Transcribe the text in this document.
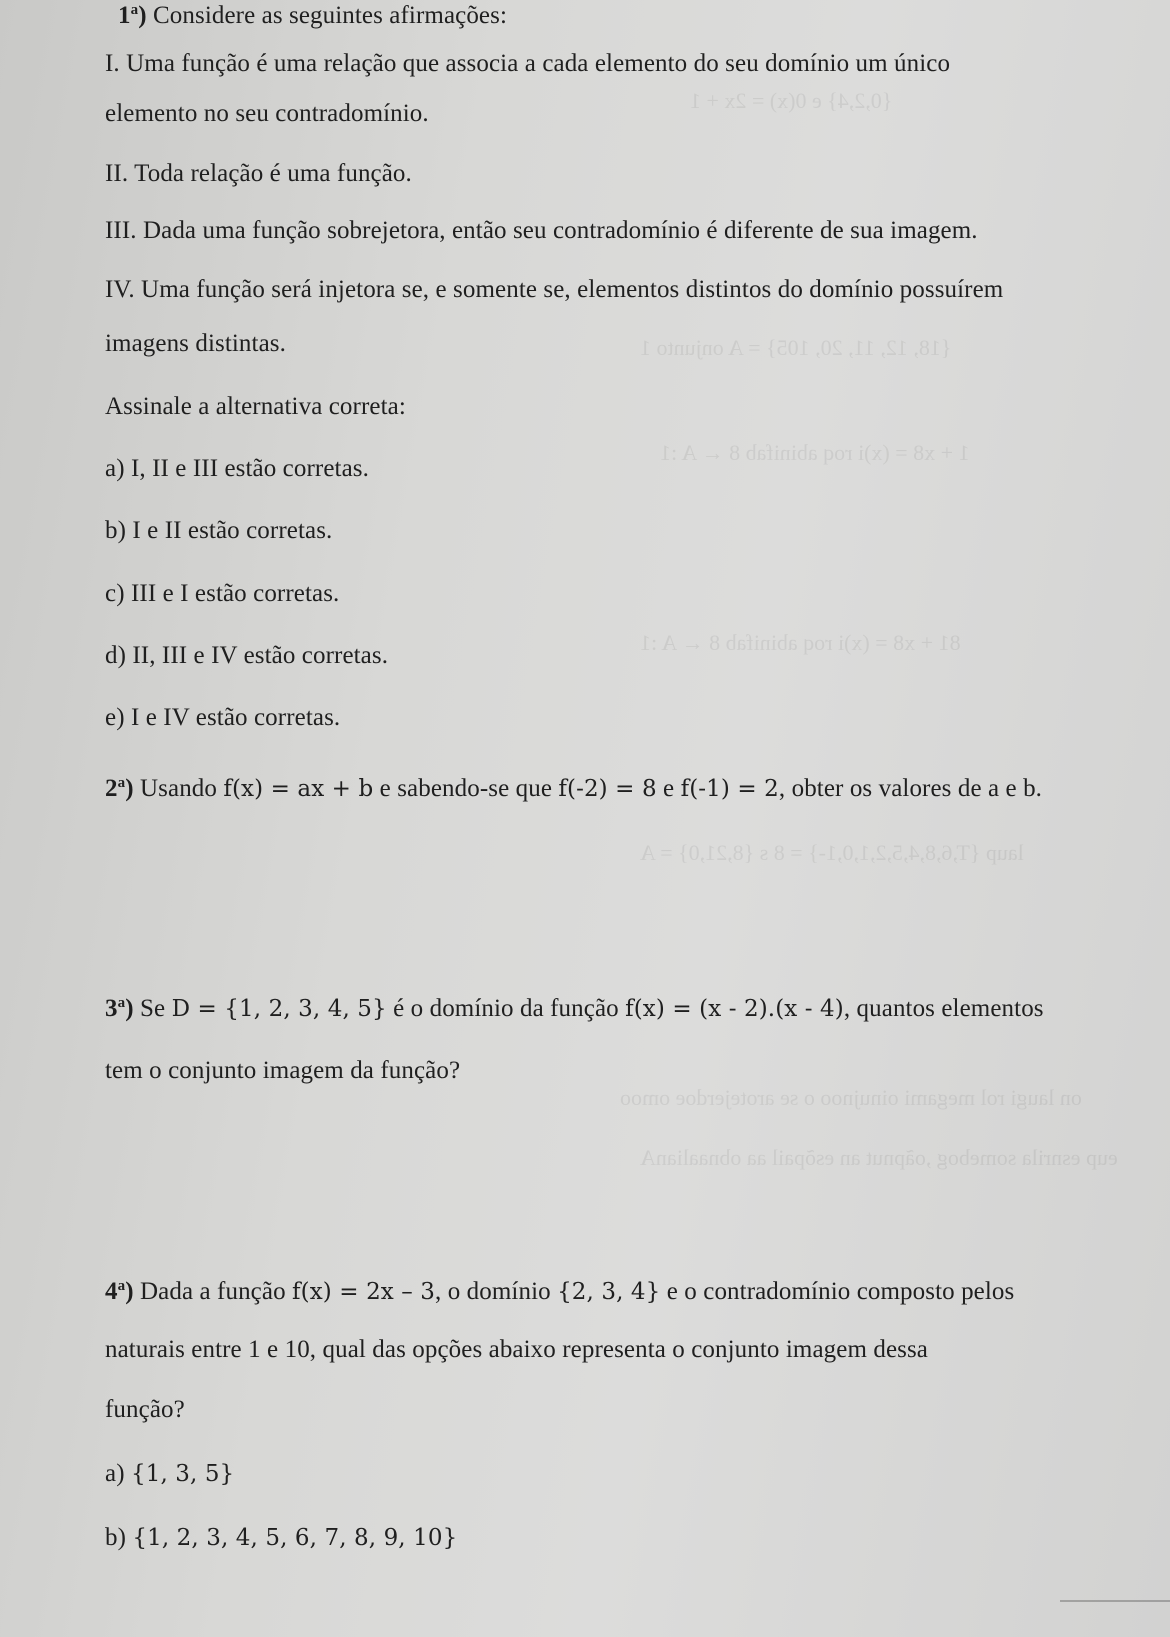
{0,2,4} e 0(x) = 2x + 1
{18, 12, 11, 20, 105} = A onjunto 1
1 + x8 = (x)i roq abinifab 8 ← A :1
81 + x8 = (x)i roq abinifab 8 ← A :1
laup {T,6,8,4,5,2,1,0,1-} = 8 s {8,21,0} = A
on laugi rol megami oinujnoo o se arotejerdoe omoo
eup esnrila somebog ,oãpnut an esõpail aa obnaalianA
1$^a$) Considere as seguintes afirmações:
I. Uma função é uma relação que associa a cada elemento do seu domínio um único
elemento no seu contradomínio.
II. Toda relação é uma função.
III. Dada uma função sobrejetora, então seu contradomínio é diferente de sua imagem.
IV. Uma função será injetora se, e somente se, elementos distintos do domínio possuírem
imagens distintas.
Assinale a alternativa correta:
a) I, II e III estão corretas.
b) I e II estão corretas.
c) III e I estão corretas.
d) II, III e IV estão corretas.
e) I e IV estão corretas.
2$^a$) Usando f(x) = ax + b e sabendo-se que f(-2) = 8 e f(-1) = 2, obter os valores de a e b.
3$^a$) Se D = {1, 2, 3, 4, 5} é o domínio da função f(x) = (x - 2).(x - 4), quantos elementos
tem o conjunto imagem da função?
4$^a$) Dada a função f(x) = 2x – 3, o domínio {2, 3, 4} e o contradomínio composto pelos
naturais entre 1 e 10, qual das opções abaixo representa o conjunto imagem dessa
função?
a) {1, 3, 5}
b) {1, 2, 3, 4, 5, 6, 7, 8, 9, 10}
